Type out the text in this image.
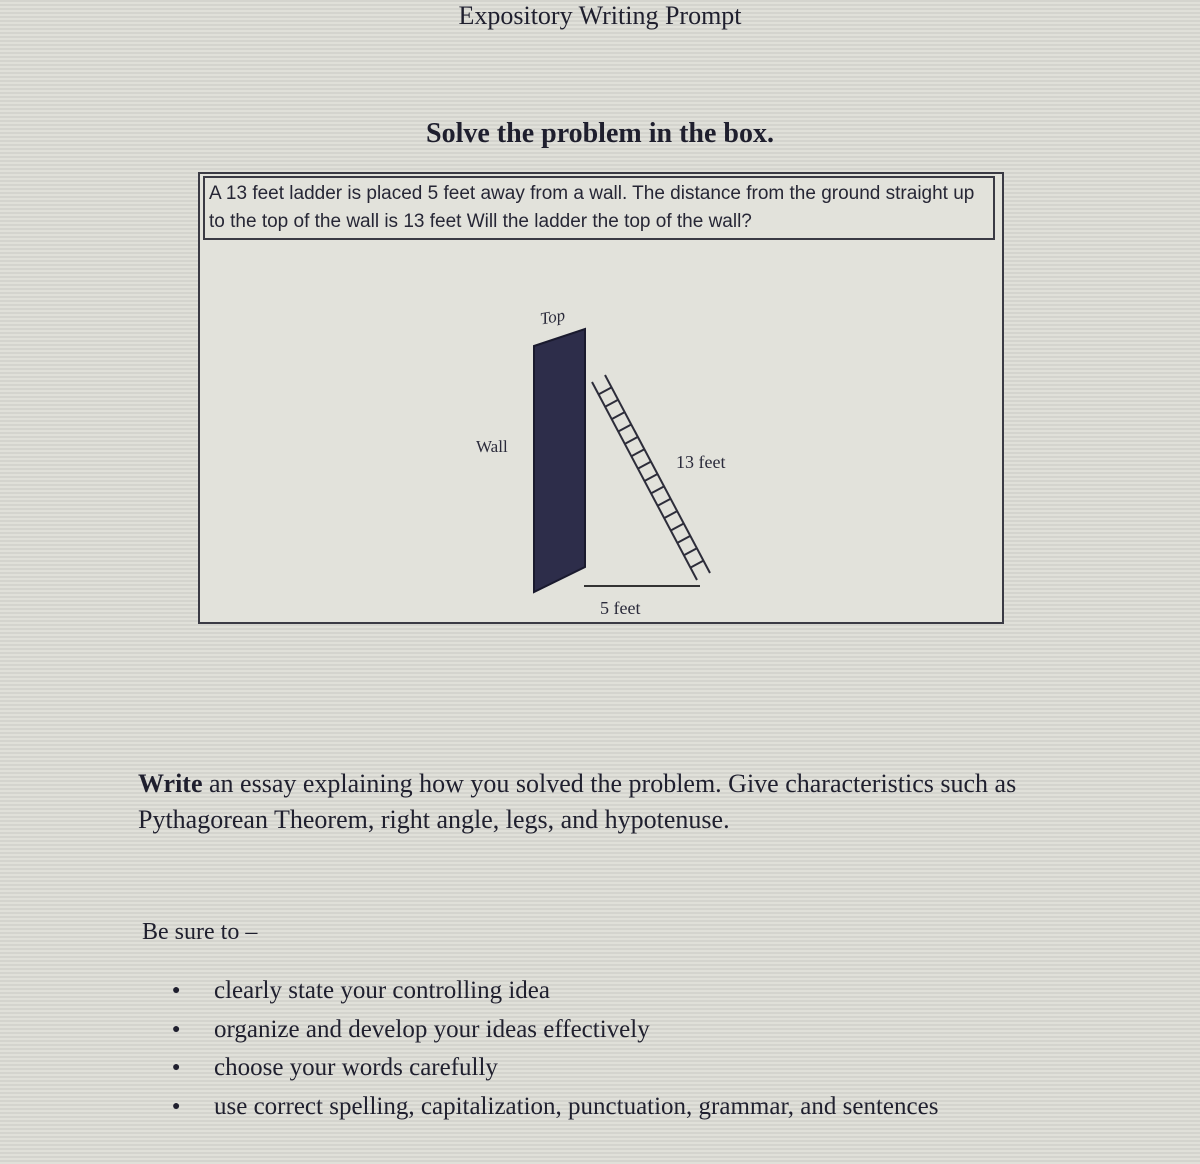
Expository Writing Prompt
Solve the problem in the box.
A 13 feet ladder is placed 5 feet away from a wall. The distance from the ground straight up to the top of the wall is 13 feet Will the ladder the top of the wall?
Top
Wall
13 feet
5 feet
Write an essay explaining how you solved the problem. Give characteristics such as Pythagorean Theorem, right angle, legs, and hypotenuse.
Be sure to –
● clearly state your controlling idea
● organize and develop your ideas effectively
● choose your words carefully
● use correct spelling, capitalization, punctuation, grammar, and sentences
